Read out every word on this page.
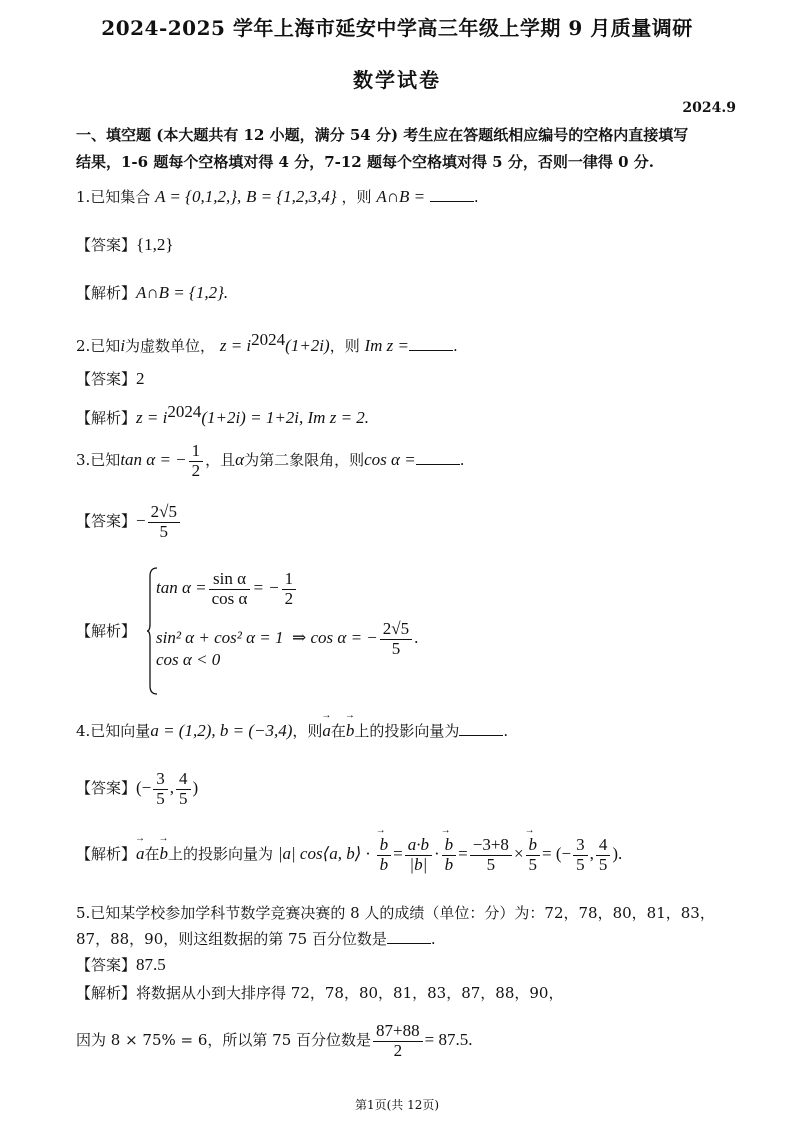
2024-2025 学年上海市延安中学高三年级上学期 9 月质量调研
数学试卷
2024.9
一、填空题 (本大题共有 12 小题，满分 54 分) 考生应在答题纸相应编号的空格内直接填写
结果，1-6 题每个空格填对得 4 分，7-12 题每个空格填对得 5 分，否则一律得 0 分.
1.已知集合 A = {0,1,2,}, B = {1,2,3,4} ，则 A∩B =	.
【答案】{1,2}
【解析】A∩B = {1,2}.
2.已知i为虚数单位， $z = i^{2024}(1+2i)$，则 Im z =	.
【答案】2
【解析】$z = i^{2024}(1+2i) = 1+2i$, Im z = 2.
3.已知tan α = − $\frac{1}{2}$ ，且α为第二象限角，则cos α =	.
【答案】− $\frac{2√5}{5}$
【解析】
$\tan \alpha = \frac{\text{sin α}}{\text{cos α}}$ = − $\frac{1}{2}$
sin² α + cos² α = 1 ⇒ cos α = − $\frac{2√5}{5}$ .
cos α < 0
4.已知向量a = (1,2), b = (−3,4)，则→ a在→ b上的投影向量为	.
【答案】(− $\frac{3}{5}$ , $\frac{4}{5}$ )
【解析】→ a在→ b上的投影向量为 |a| cos⟨a, b⟩ · → $\frac{b}{b} = \frac{a\cdot b}{|b|}$ · → $\frac{b}{b} = \frac{-3+8}{5}$ × → $\frac{b}{5}$ = (− $\frac{3}{5}$ , $\frac{4}{5}$ ).
5.已知某学校参加学科节数学竞赛决赛的 8 人的成绩（单位：分）为：72，78，80，81，83，
87，88，90，则这组数据的第 75 百分位数是	.
【答案】87.5
【解析】将数据从小到大排序得 72，78，80，81，83，87，88，90，
因为 8 × 75% = 6，所以第 75 百分位数是 $\frac{87+88}{2} = 87.5$.
第1页(共 12页)
